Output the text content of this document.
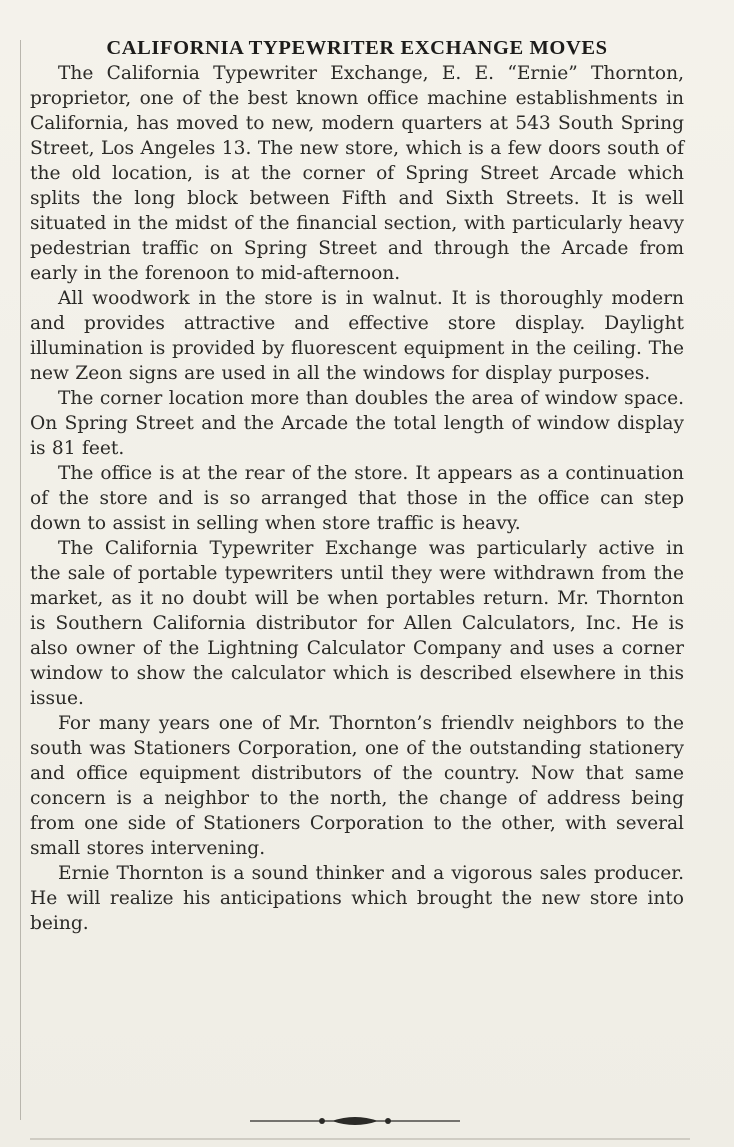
CALIFORNIA TYPEWRITER EXCHANGE MOVES

The California Typewriter Exchange, E. E. “Ernie” Thornton, proprietor, one of the best known office machine establishments in California, has moved to new, modern quarters at 543 South Spring Street, Los Angeles 13. The new store, which is a few doors south of the old location, is at the corner of Spring Street Arcade which splits the long block between Fifth and Sixth Streets. It is well situated in the midst of the financial section, with particularly heavy pedestrian traffic on Spring Street and through the Arcade from early in the forenoon to mid-afternoon.

All woodwork in the store is in walnut. It is thoroughly modern and provides attractive and effective store display. Daylight illumination is provided by fluorescent equipment in the ceiling. The new Zeon signs are used in all the windows for display purposes.

The corner location more than doubles the area of window space. On Spring Street and the Arcade the total length of window display is 81 feet.

The office is at the rear of the store. It appears as a continuation of the store and is so arranged that those in the office can step down to assist in selling when store traffic is heavy.

The California Typewriter Exchange was particularly active in the sale of portable typewriters until they were withdrawn from the market, as it no doubt will be when portables return. Mr. Thornton is Southern California distributor for Allen Calculators, Inc. He is also owner of the Lightning Calculator Company and uses a corner window to show the calculator which is described elsewhere in this issue.

For many years one of Mr. Thornton’s friendlv neighbors to the south was Stationers Corporation, one of the outstanding stationery and office equipment distributors of the country. Now that same concern is a neighbor to the north, the change of address being from one side of Stationers Corporation to the other, with several small stores intervening.

Ernie Thornton is a sound thinker and a vigorous sales producer. He will realize his anticipations which brought the new store into being.
